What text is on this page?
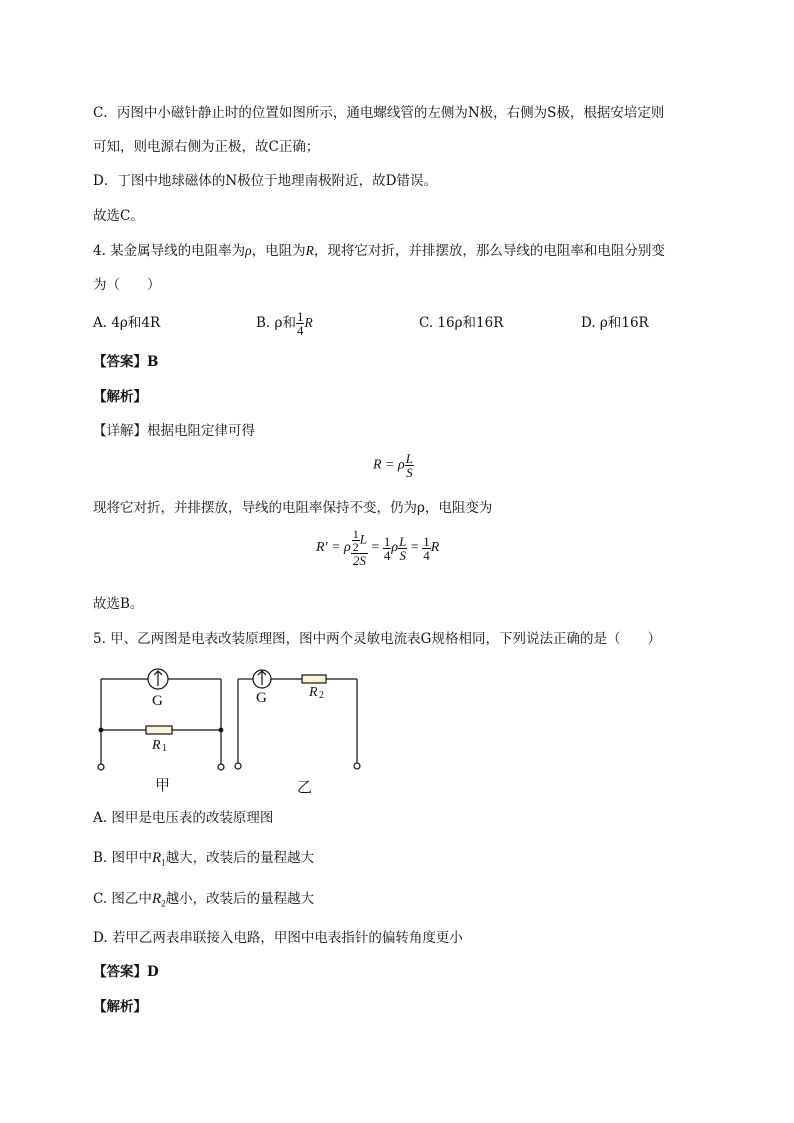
C．丙图中小磁针静止时的位置如图所示，通电螺线管的左侧为N极，右侧为S极，根据安培定则
可知，则电源右侧为正极，故C正确；
D．丁图中地球磁体的N极位于地理南极附近，故D错误。
故选C。
4. 某金属导线的电阻率为ρ，电阻为R，现将它对折，并排摆放，那么导线的电阻率和电阻分别变
为（　　）
A. 4ρ和4R	B. ρ和 $\frac{1}{4}$ R	C. 16ρ和16R	D. ρ和16R
【答案】B
【解析】
【详解】根据电阻定律可得
R = ρ $\frac{L}{S}$
现将它对折，并排摆放，导线的电阻率保持不变，仍为ρ，电阻变为
R′ = ρ $\frac{\frac{1}{2} L}{2S} = \frac{1}{4}$ ρ $\frac{L}{S} = \frac{1}{4}$ R
故选B。
5. 甲、乙两图是电表改装原理图，图中两个灵敏电流表G规格相同，下列说法正确的是（　　）
G
R 1
甲
G	R 2
乙
A. 图甲是电压表的改装原理图
B. 图甲中$R_1$越大，改装后的量程越大
C. 图乙中$R_2$越小，改装后的量程越大
D. 若甲乙两表串联接入电路，甲图中电表指针的偏转角度更小
【答案】D
【解析】
